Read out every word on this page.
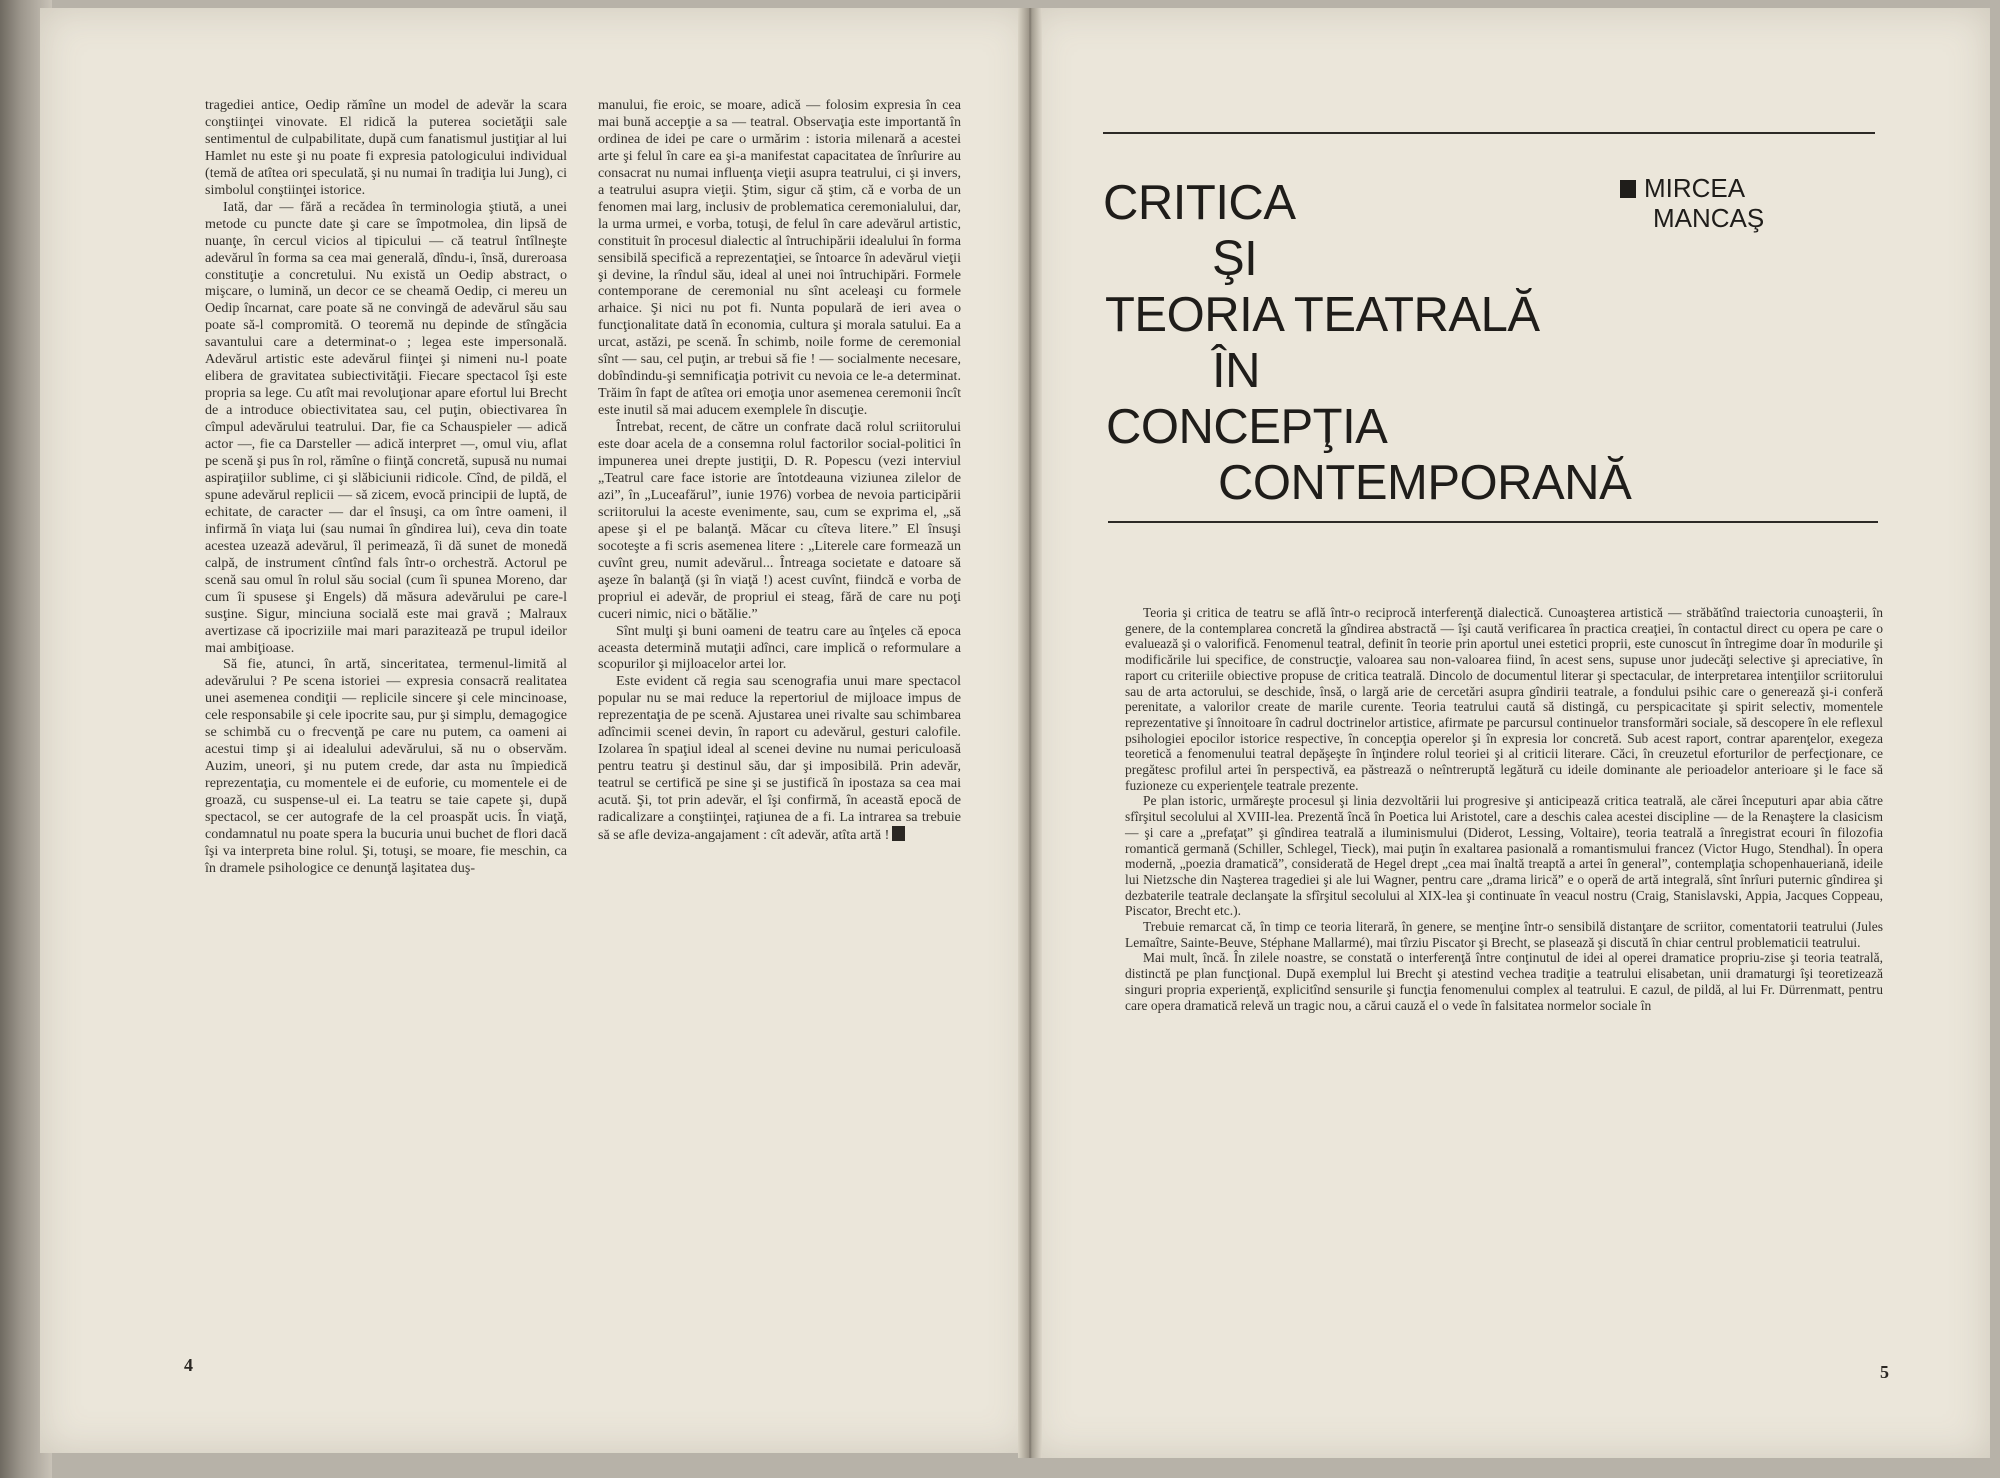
tragediei antice, Oedip rămîne un model de adevăr la scara conştiinţei vinovate. El ridică la puterea societăţii sale sentimentul de culpabilitate, după cum fanatismul justiţiar al lui Hamlet nu este şi nu poate fi expresia patologicului individual (temă de atîtea ori speculată, şi nu numai în tradiţia lui Jung), ci simbolul conştiinţei istorice.

Iată, dar — fără a recădea în terminologia ştiută, a unei metode cu puncte date şi care se împotmolea, din lipsă de nuanţe, în cercul vicios al tipicului — că teatrul întîlneşte adevărul în forma sa cea mai generală, dîndu-i, însă, dureroasa constituţie a concretului. Nu există un Oedip abstract, o mişcare, o lumină, un decor ce se cheamă Oedip, ci mereu un Oedip încarnat, care poate să ne convingă de adevărul său sau poate să-l compromită. O teoremă nu depinde de stîngăcia savantului care a determinat-o ; legea este impersonală. Adevărul artistic este adevărul fiinţei şi nimeni nu-l poate elibera de gravitatea subiectivităţii. Fiecare spectacol îşi este propria sa lege. Cu atît mai revoluţionar apare efortul lui Brecht de a introduce obiectivitatea sau, cel puţin, obiectivarea în cîmpul adevărului teatrului. Dar, fie ca Schauspieler — adică actor —, fie ca Darsteller — adică interpret —, omul viu, aflat pe scenă şi pus în rol, rămîne o fiinţă concretă, supusă nu numai aspiraţiilor sublime, ci şi slăbiciunii ridicole. Cînd, de pildă, el spune adevărul replicii — să zicem, evocă principii de luptă, de echitate, de caracter — dar el însuşi, ca om între oameni, il infirmă în viaţa lui (sau numai în gîndirea lui), ceva din toate acestea uzează adevărul, îl perimează, îi dă sunet de monedă calpă, de instrument cîntînd fals într-o orchestră. Actorul pe scenă sau omul în rolul său social (cum îi spunea Moreno, dar cum îi spusese şi Engels) dă măsura adevărului pe care-l susţine. Sigur, minciuna socială este mai gravă ; Malraux avertizase că ipocriziile mai mari parazitează pe trupul ideilor mai ambiţioase.

Să fie, atunci, în artă, sinceritatea, termenul-limită al adevărului ? Pe scena istoriei — expresia consacră realitatea unei asemenea condiţii — replicile sincere şi cele mincinoase, cele responsabile şi cele ipocrite sau, pur şi simplu, demagogice se schimbă cu o frecvenţă pe care nu putem, ca oameni ai acestui timp şi ai idealului adevărului, să nu o observăm. Auzim, uneori, şi nu putem crede, dar asta nu împiedică reprezentaţia, cu momentele ei de euforie, cu momentele ei de groază, cu suspense-ul ei. La teatru se taie capete şi, după spectacol, se cer autografe de la cel proaspăt ucis. În viaţă, condamnatul nu poate spera la bucuria unui buchet de flori dacă îşi va interpreta bine rolul. Şi, totuşi, se moare, fie meschin, ca în dramele psihologice ce denunţă laşitatea duş-

manului, fie eroic, se moare, adică — folosim expresia în cea mai bună accepţie a sa — teatral. Observaţia este importantă în ordinea de idei pe care o urmărim : istoria milenară a acestei arte şi felul în care ea şi-a manifestat capacitatea de înrîurire au consacrat nu numai influenţa vieţii asupra teatrului, ci şi invers, a teatrului asupra vieţii. Ştim, sigur că ştim, că e vorba de un fenomen mai larg, inclusiv de problematica ceremonialului, dar, la urma urmei, e vorba, totuşi, de felul în care adevărul artistic, constituit în procesul dialectic al întruchipării idealului în forma sensibilă specifică a reprezentaţiei, se întoarce în adevărul vieţii şi devine, la rîndul său, ideal al unei noi întruchipări. Formele contemporane de ceremonial nu sînt aceleaşi cu formele arhaice. Şi nici nu pot fi. Nunta populară de ieri avea o funcţionalitate dată în economia, cultura şi morala satului. Ea a urcat, astăzi, pe scenă. În schimb, noile forme de ceremonial sînt — sau, cel puţin, ar trebui să fie ! — socialmente necesare, dobîndindu-şi semnificaţia potrivit cu nevoia ce le-a determinat. Trăim în fapt de atîtea ori emoţia unor asemenea ceremonii încît este inutil să mai aducem exemplele în discuţie.

Întrebat, recent, de către un confrate dacă rolul scriitorului este doar acela de a consemna rolul factorilor social-politici în impunerea unei drepte justiţii, D. R. Popescu (vezi interviul „Teatrul care face istorie are întotdeauna viziunea zilelor de azi”, în „Luceafărul”, iunie 1976) vorbea de nevoia participării scriitorului la aceste evenimente, sau, cum se exprima el, „să apese şi el pe balanţă. Măcar cu cîteva litere.” El însuşi socoteşte a fi scris asemenea litere : „Literele care formează un cuvînt greu, numit adevărul... Întreaga societate e datoare să aşeze în balanţă (şi în viaţă !) acest cuvînt, fiindcă e vorba de propriul ei adevăr, de propriul ei steag, fără de care nu poţi cuceri nimic, nici o bătălie.”

Sînt mulţi şi buni oameni de teatru care au înţeles că epoca aceasta determină mutaţii adînci, care implică o reformulare a scopurilor şi mijloacelor artei lor.

Este evident că regia sau scenografia unui mare spectacol popular nu se mai reduce la repertoriul de mijloace impus de reprezentaţia de pe scenă. Ajustarea unei rivalte sau schimbarea adîncimii scenei devin, în raport cu adevărul, gesturi calofile. Izolarea în spaţiul ideal al scenei devine nu numai periculoasă pentru teatru şi destinul său, dar şi imposibilă. Prin adevăr, teatrul se certifică pe sine şi se justifică în ipostaza sa cea mai acută. Şi, tot prin adevăr, el îşi confirmă, în această epocă de radicalizare a conştiinţei, raţiunea de a fi. La intrarea sa trebuie să se afle deviza-angajament : cît adevăr, atîta artă !

4
CRITICA
ŞI
TEORIA TEATRALĂ
ÎN
CONCEPŢIA
CONTEMPORANĂ
MIRCEA
MANCAŞ

Teoria şi critica de teatru se află într-o reciprocă interferenţă dialectică. Cunoaşterea artistică — străbătînd traiectoria cunoaşterii, în genere, de la contemplarea concretă la gîndirea abstractă — îşi caută verificarea în practica creaţiei, în contactul direct cu opera pe care o evaluează şi o valorifică. Fenomenul teatral, definit în teorie prin aportul unei estetici proprii, este cunoscut în întregime doar în modurile şi modificările lui specifice, de construcţie, valoarea sau non-valoarea fiind, în acest sens, supuse unor judecăţi selective şi apreciative, în raport cu criteriile obiective propuse de critica teatrală. Dincolo de documentul literar şi spectacular, de interpretarea intenţiilor scriitorului sau de arta actorului, se deschide, însă, o largă arie de cercetări asupra gîndirii teatrale, a fondului psihic care o generează şi-i conferă perenitate, a valorilor create de marile curente. Teoria teatrului caută să distingă, cu perspicacitate şi spirit selectiv, momentele reprezentative şi înnoitoare în cadrul doctrinelor artistice, afirmate pe parcursul continuelor transformări sociale, să descopere în ele reflexul psihologiei epocilor istorice respective, în concepţia operelor şi în expresia lor concretă. Sub acest raport, contrar aparenţelor, exegeza teoretică a fenomenului teatral depăşeşte în înţindere rolul teoriei şi al criticii literare. Căci, în creuzetul eforturilor de perfecţionare, ce pregătesc profilul artei în perspectivă, ea păstrează o neîntreruptă legătură cu ideile dominante ale perioadelor anterioare şi le face să fuzioneze cu experienţele teatrale prezente.

Pe plan istoric, urmăreşte procesul şi linia dezvoltării lui progresive şi anticipează critica teatrală, ale cărei începuturi apar abia către sfîrşitul secolului al XVIII-lea. Prezentă încă în Poetica lui Aristotel, care a deschis calea acestei discipline — de la Renaştere la clasicism — şi care a „prefaţat” şi gîndirea teatrală a iluminismului (Diderot, Lessing, Voltaire), teoria teatrală a înregistrat ecouri în filozofia romantică germană (Schiller, Schlegel, Tieck), mai puţin în exaltarea pasională a romantismului francez (Victor Hugo, Stendhal). În opera modernă, „poezia dramatică”, considerată de Hegel drept „cea mai înaltă treaptă a artei în general”, contemplaţia schopenhaueriană, ideile lui Nietzsche din Naşterea tragediei şi ale lui Wagner, pentru care „drama lirică” e o operă de artă integrală, sînt înrîuri puternic gîndirea şi dezbaterile teatrale declanşate la sfîrşitul secolului al XIX-lea şi continuate în veacul nostru (Craig, Stanislavski, Appia, Jacques Coppeau, Piscator, Brecht etc.).

Trebuie remarcat că, în timp ce teoria literară, în genere, se menţine într-o sensibilă distanţare de scriitor, comentatorii teatrului (Jules Lemaître, Sainte-Beuve, Stéphane Mallarmé), mai tîrziu Piscator şi Brecht, se plasează şi discută în chiar centrul problematicii teatrului.

Mai mult, încă. În zilele noastre, se constată o interferenţă între conţinutul de idei al operei dramatice propriu-zise şi teoria teatrală, distinctă pe plan funcţional. După exemplul lui Brecht şi atestind vechea tradiţie a teatrului elisabetan, unii dramaturgi îşi teoretizează singuri propria experienţă, explicitînd sensurile şi funcţia fenomenului complex al teatrului. E cazul, de pildă, al lui Fr. Dürrenmatt, pentru care opera dramatică relevă un tragic nou, a cărui cauză el o vede în falsitatea normelor sociale în

5
